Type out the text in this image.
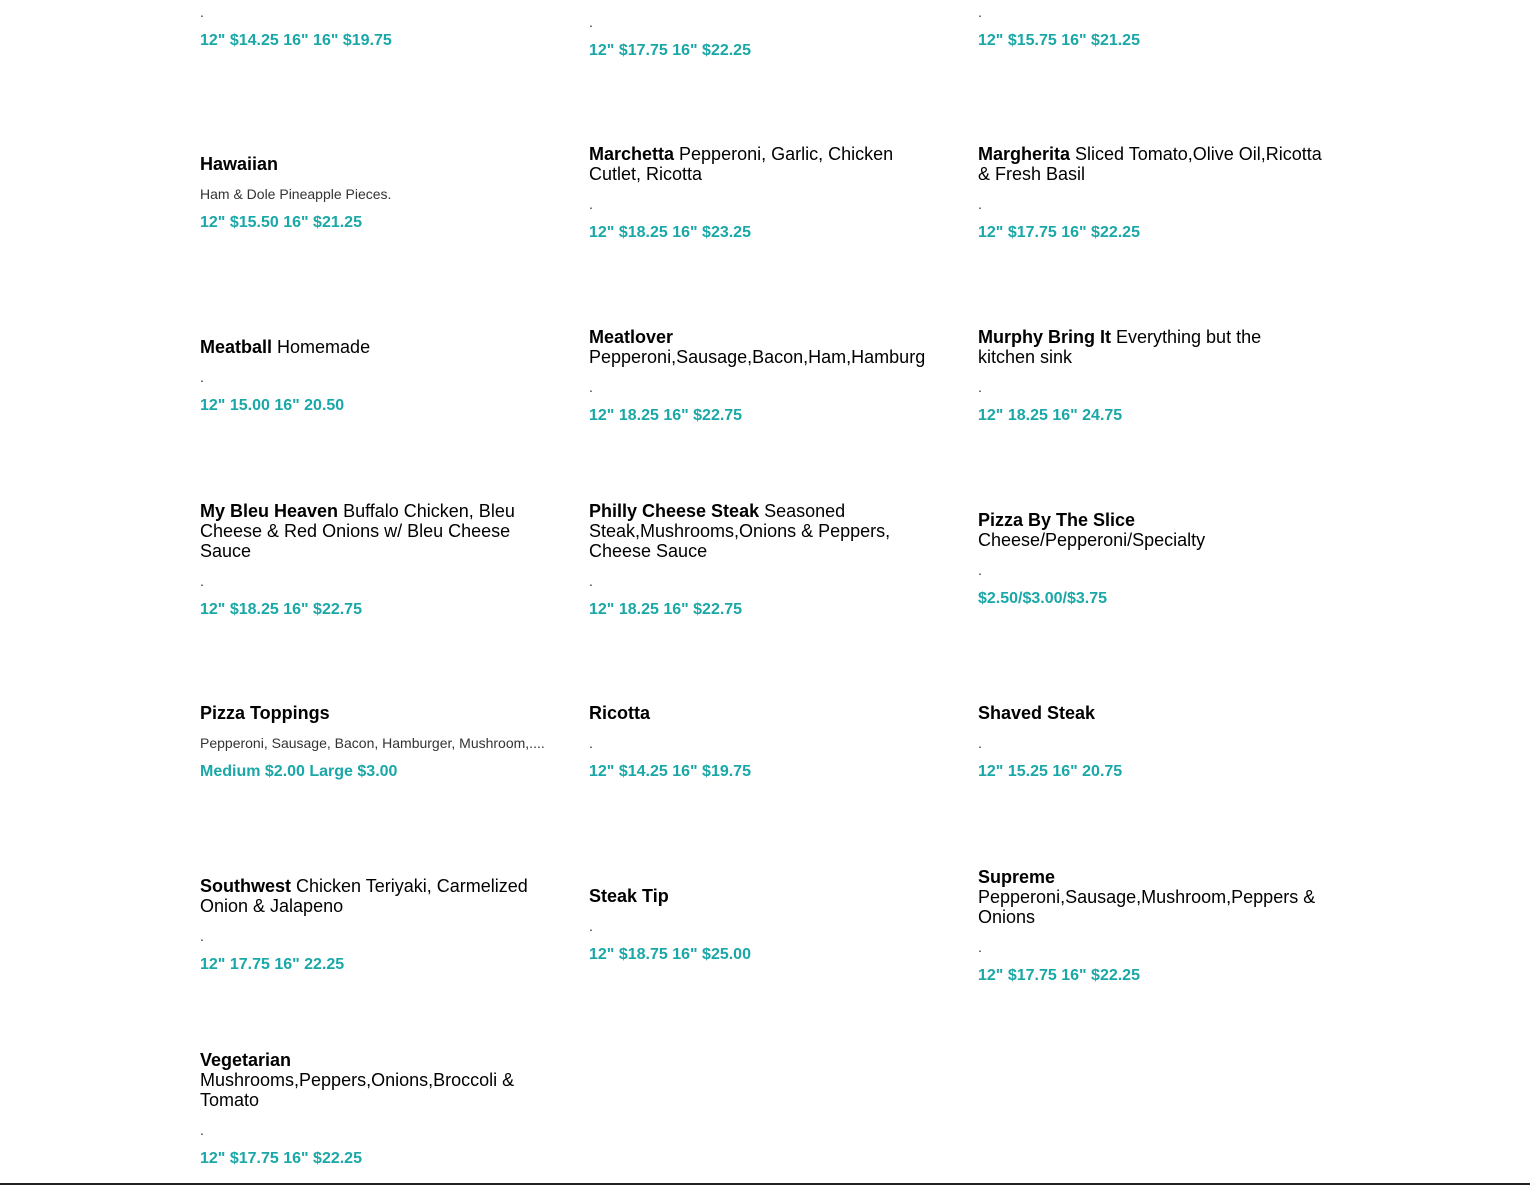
.
12" $14.25 16" 16" $19.75
.
12" $17.75 16" $22.25
.
12" $15.75 16" $21.25
Hawaiian
Ham & Dole Pineapple Pieces.
12" $15.50 16" $21.25
Marchetta Pepperoni, Garlic, Chicken Cutlet, Ricotta
.
12" $18.25 16" $23.25
Margherita Sliced Tomato,Olive Oil,Ricotta & Fresh Basil
.
12" $17.75 16" $22.25
Meatball Homemade
.
12" 15.00 16" 20.50
Meatlover
Pepperoni,Sausage,Bacon,Ham,Hamburg
.
12" 18.25 16" $22.75
Murphy Bring It Everything but the kitchen sink
.
12" 18.25 16" 24.75
My Bleu Heaven Buffalo Chicken, Bleu Cheese & Red Onions w/ Bleu Cheese Sauce
.
12" $18.25 16" $22.75
Philly Cheese Steak Seasoned Steak,Mushrooms,Onions & Peppers, Cheese Sauce
.
12" 18.25 16" $22.75
Pizza By The Slice
Cheese/Pepperoni/Specialty
.
$2.50/$3.00/$3.75
Pizza Toppings
Pepperoni, Sausage, Bacon, Hamburger, Mushroom,....
Medium $2.00 Large $3.00
Ricotta
.
12" $14.25 16" $19.75
Shaved Steak
.
12" 15.25 16" 20.75
Southwest Chicken Teriyaki, Carmelized Onion & Jalapeno
.
12" 17.75 16" 22.25
Steak Tip
.
12" $18.75 16" $25.00
Supreme
Pepperoni,Sausage,Mushroom,Peppers & Onions
.
12" $17.75 16" $22.25
Vegetarian
Mushrooms,Peppers,Onions,Broccoli & Tomato
.
12" $17.75 16" $22.25
